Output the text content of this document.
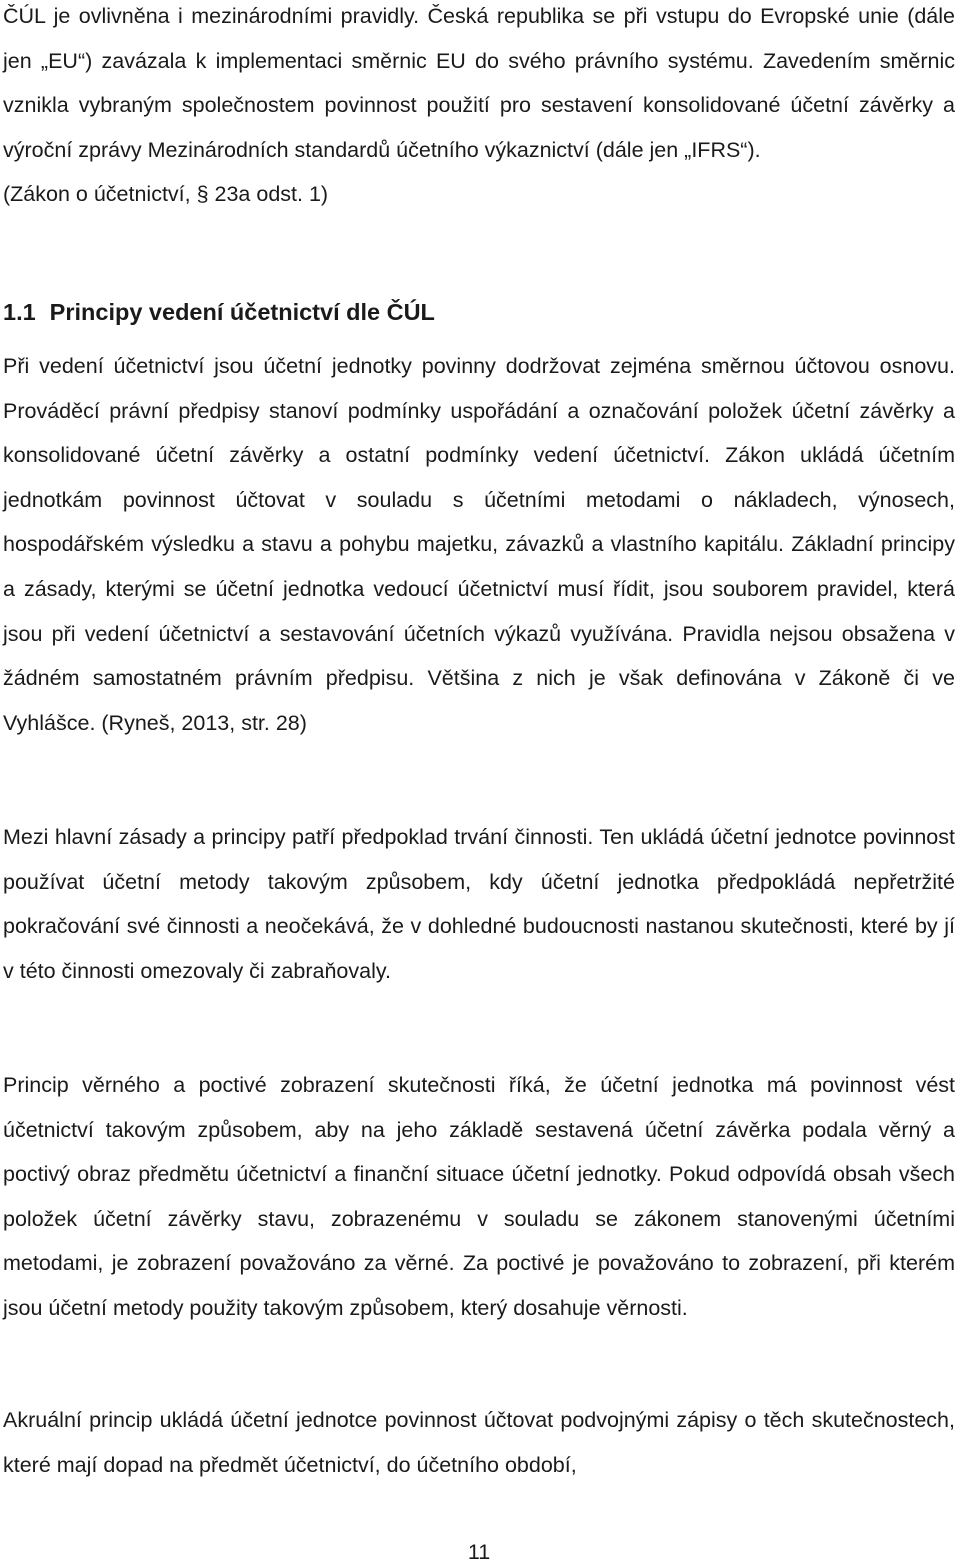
ČÚL je ovlivněna i mezinárodními pravidly. Česká republika se při vstupu do Evropské unie (dále jen „EU“) zavázala k implementaci směrnic EU do svého právního systému. Zavedením směrnic vznikla vybraným společnostem povinnost použití pro sestavení konsolidované účetní závěrky a výroční zprávy Mezinárodních standardů účetního výkaznictví (dále jen „IFRS“).
(Zákon o účetnictví, § 23a odst. 1)

1.1 Principy vedení účetnictví dle ČÚL

Při vedení účetnictví jsou účetní jednotky povinny dodržovat zejména směrnou účtovou osnovu. Prováděcí právní předpisy stanoví podmínky uspořádání a označování položek účetní závěrky a konsolidované účetní závěrky a ostatní podmínky vedení účetnictví. Zákon ukládá účetním jednotkám povinnost účtovat v souladu s účetními metodami o nákladech, výnosech, hospodářském výsledku a stavu a pohybu majetku, závazků a vlastního kapitálu. Základní principy a zásady, kterými se účetní jednotka vedoucí účetnictví musí řídit, jsou souborem pravidel, která jsou při vedení účetnictví a sestavování účetních výkazů využívána. Pravidla nejsou obsažena v žádném samostatném právním předpisu. Většina z nich je však definována v Zákoně či ve Vyhlášce. (Ryneš, 2013, str. 28)

Mezi hlavní zásady a principy patří předpoklad trvání činnosti. Ten ukládá účetní jednotce povinnost používat účetní metody takovým způsobem, kdy účetní jednotka předpokládá nepřetržité pokračování své činnosti a neočekává, že v dohledné budoucnosti nastanou skutečnosti, které by jí v této činnosti omezovaly či zabraňovaly.

Princip věrného a poctivé zobrazení skutečnosti říká, že účetní jednotka má povinnost vést účetnictví takovým způsobem, aby na jeho základě sestavená účetní závěrka podala věrný a poctivý obraz předmětu účetnictví a finanční situace účetní jednotky. Pokud odpovídá obsah všech položek účetní závěrky stavu, zobrazenému v souladu se zákonem stanovenými účetními metodami, je zobrazení považováno za věrné. Za poctivé je považováno to zobrazení, při kterém jsou účetní metody použity takovým způsobem, který dosahuje věrnosti.

Akruální princip ukládá účetní jednotce povinnost účtovat podvojnými zápisy o těch skutečnostech, které mají dopad na předmět účetnictví, do účetního období,

11
